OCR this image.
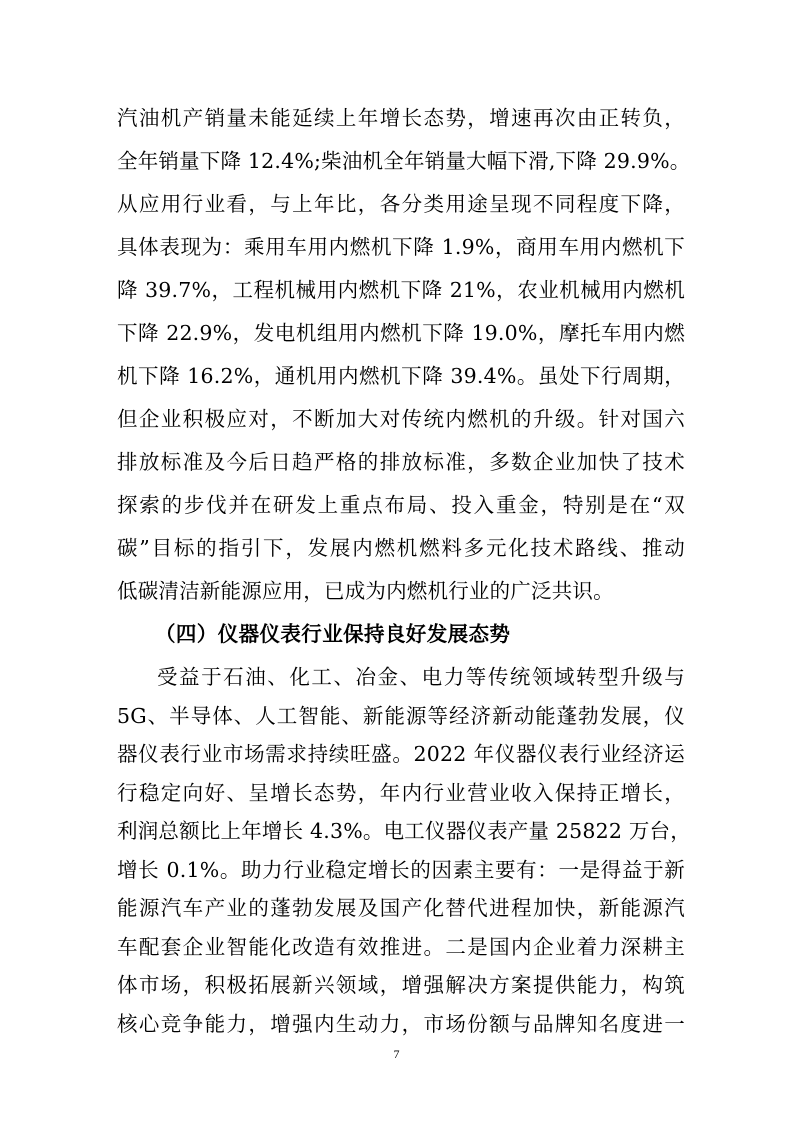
汽油机产销量未能延续上年增长态势，增速再次由正转负，
全年销量下降 12.4%;柴油机全年销量大幅下滑,下降 29.9%。
从应用行业看，与上年比，各分类用途呈现不同程度下降，
具体表现为：乘用车用内燃机下降 1.9%，商用车用内燃机下
降 39.7%，工程机械用内燃机下降 21%，农业机械用内燃机
下降 22.9%，发电机组用内燃机下降 19.0%，摩托车用内燃
机下降 16.2%，通机用内燃机下降 39.4%。虽处下行周期，
但企业积极应对，不断加大对传统内燃机的升级。针对国六
排放标准及今后日趋严格的排放标准，多数企业加快了技术
探索的步伐并在研发上重点布局、投入重金，特别是在“双
碳”目标的指引下，发展内燃机燃料多元化技术路线、推动
低碳清洁新能源应用，已成为内燃机行业的广泛共识。
（四）仪器仪表行业保持良好发展态势
受益于石油、化工、冶金、电力等传统领域转型升级与
5G、半导体、人工智能、新能源等经济新动能蓬勃发展，仪
器仪表行业市场需求持续旺盛。2022 年仪器仪表行业经济运
行稳定向好、呈增长态势，年内行业营业收入保持正增长，
利润总额比上年增长 4.3%。电工仪器仪表产量 25822 万台，
增长 0.1%。助力行业稳定增长的因素主要有：一是得益于新
能源汽车产业的蓬勃发展及国产化替代进程加快，新能源汽
车配套企业智能化改造有效推进。二是国内企业着力深耕主
体市场，积极拓展新兴领域，增强解决方案提供能力，构筑
7
核心竞争能力，增强内生动力，市场份额与品牌知名度进一
